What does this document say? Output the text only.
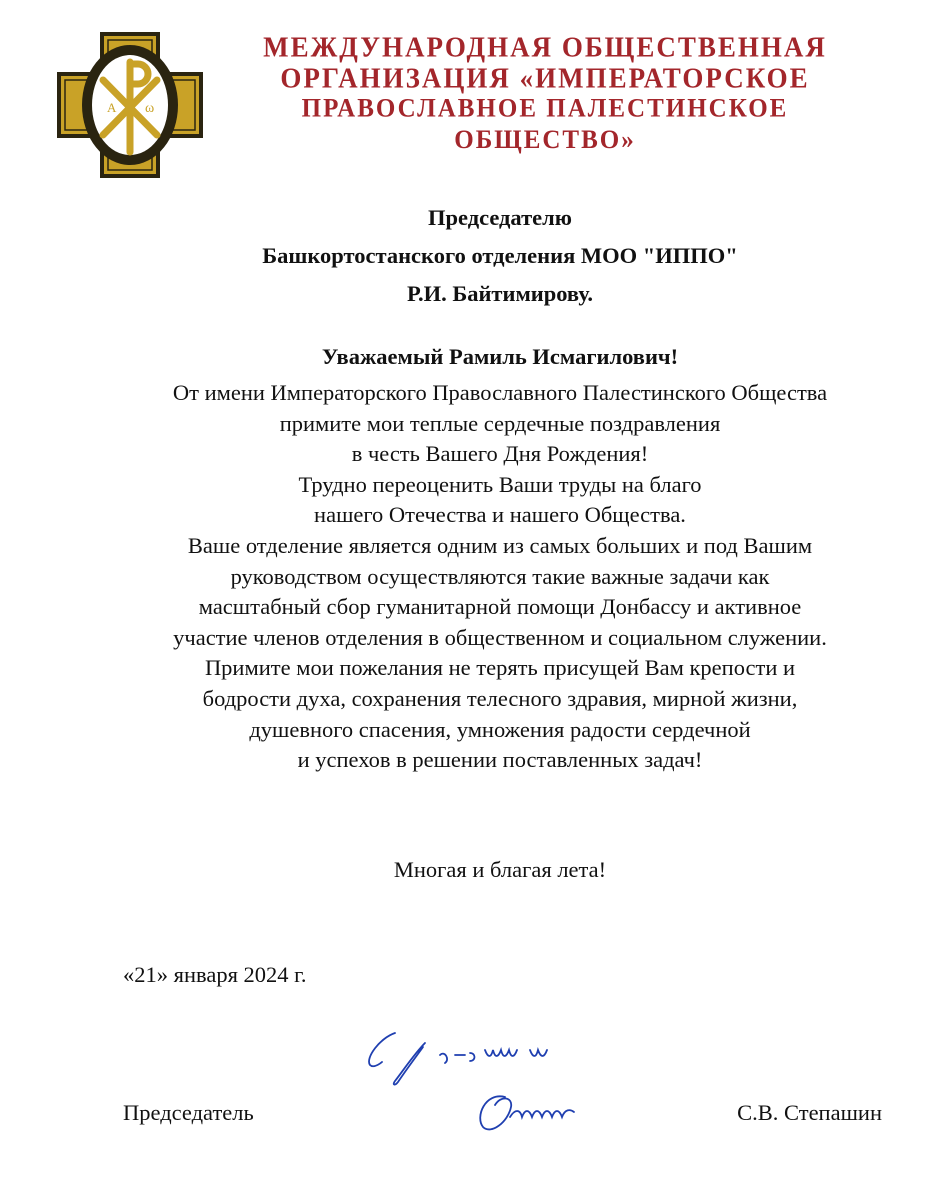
А ω
МЕЖДУНАРОДНАЯ ОБЩЕСТВЕННАЯ
ОРГАНИЗАЦИЯ «ИМПЕРАТОРСКОЕ
ПРАВОСЛАВНОЕ ПАЛЕСТИНСКОЕ ОБЩЕСТВО»
Председателю
Башкортостанского отделения МОО "ИППО"
Р.И. Байтимирову.
Уважаемый Рамиль Исмагилович!
От имени Императорского Православного Палестинского Общества
примите мои теплые сердечные поздравления
в честь Вашего Дня Рождения!
Трудно переоценить Ваши труды на благо
нашего Отечества и нашего Общества.
Ваше отделение является одним из самых больших и под Вашим
руководством осуществляются такие важные задачи как
масштабный сбор гуманитарной помощи Донбассу и активное
участие членов отделения в общественном и социальном служении.
Примите мои пожелания не терять присущей Вам крепости и
бодрости духа, сохранения телесного здравия, мирной жизни,
душевного спасения, умножения радости сердечной
и успехов в решении поставленных задач!
Многая и благая лета!
«21» января 2024 г.
Председатель	С.В. Степашин
